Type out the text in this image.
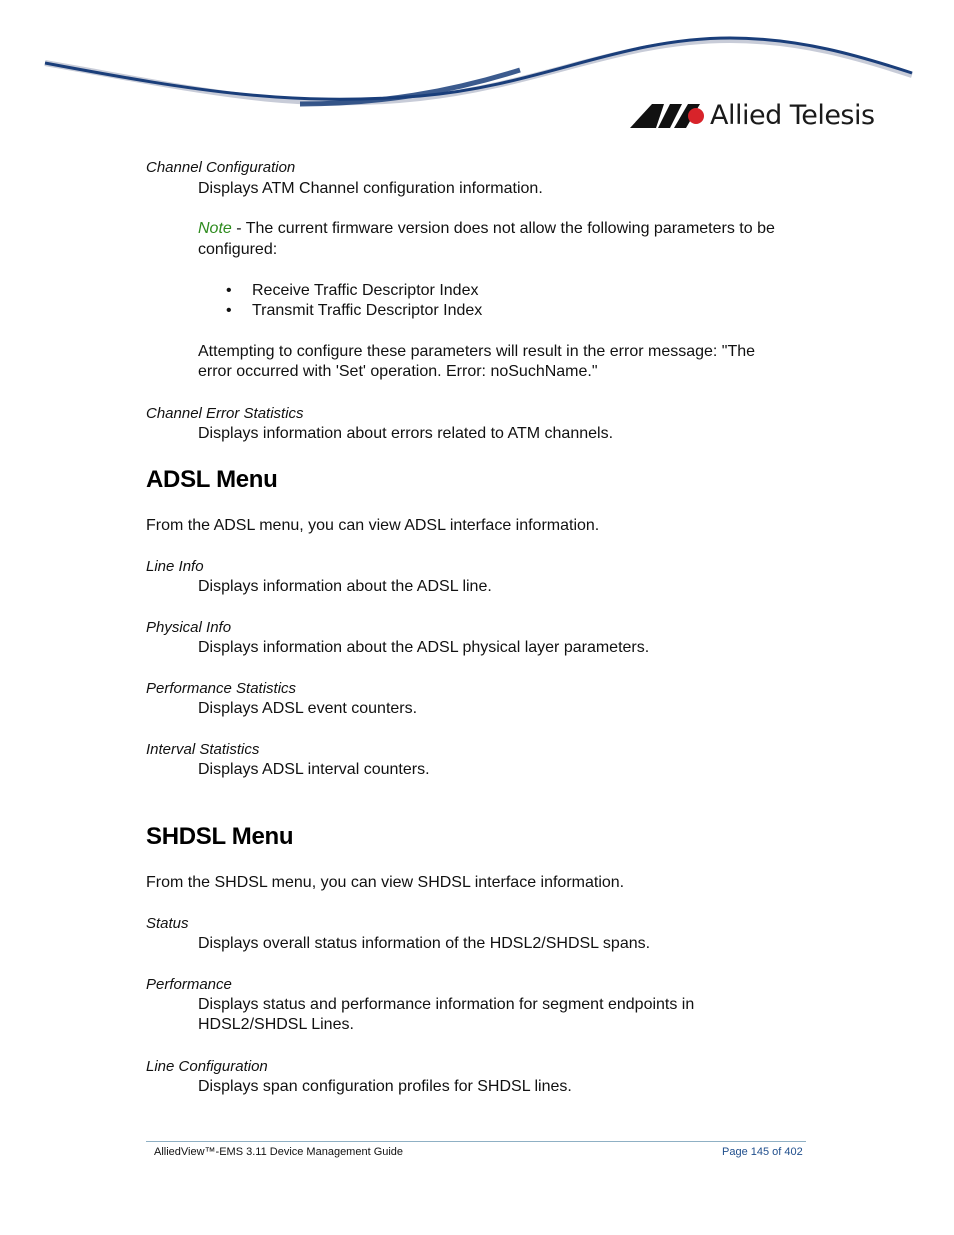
Allied Telesis
Channel Configuration
Displays ATM Channel configuration information.
Note - The current firmware version does not allow the following parameters to be
configured:
• Receive Traffic Descriptor Index
• Transmit Traffic Descriptor Index
Attempting to configure these parameters will result in the error message: "The
error occurred with 'Set' operation. Error: noSuchName."
Channel Error Statistics
Displays information about errors related to ATM channels.
ADSL Menu
From the ADSL menu, you can view ADSL interface information.
Line Info
Displays information about the ADSL line.
Physical Info
Displays information about the ADSL physical layer parameters.
Performance Statistics
Displays ADSL event counters.
Interval Statistics
Displays ADSL interval counters.
SHDSL Menu
From the SHDSL menu, you can view SHDSL interface information.
Status
Displays overall status information of the HDSL2/SHDSL spans.
Performance
Displays status and performance information for segment endpoints in
HDSL2/SHDSL Lines.
Line Configuration
Displays span configuration profiles for SHDSL lines.
AlliedView™-EMS 3.11 Device Management Guide	Page 145 of 402
